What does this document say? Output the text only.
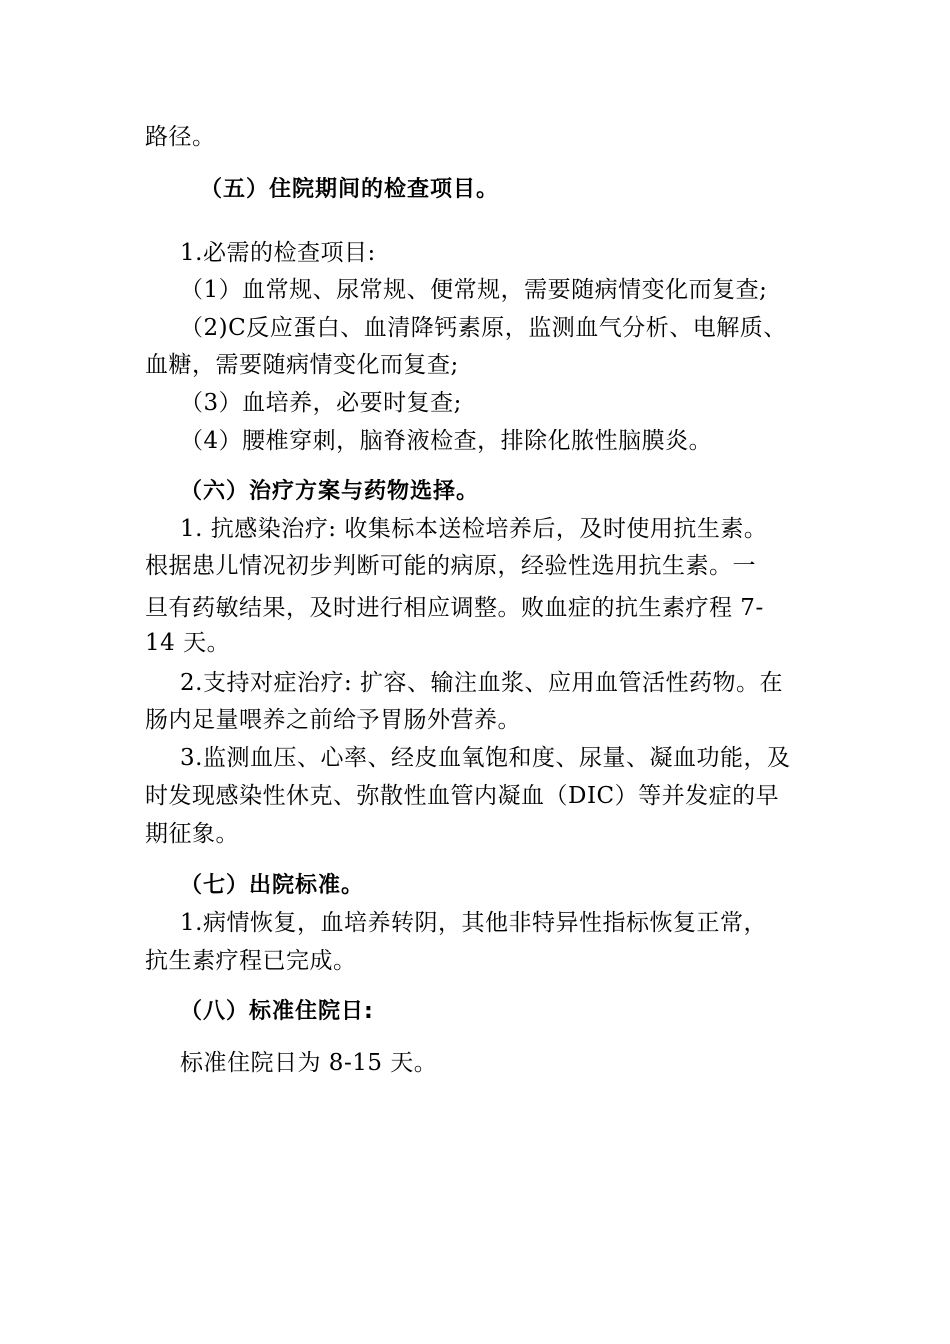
路径。
（五）住院期间的检查项目。
1.必需的检查项目:
（1）血常规、尿常规、便常规，需要随病情变化而复查;
（2)C反应蛋白、血清降钙素原，监测血气分析、电解质、
血糖，需要随病情变化而复查;
（3）血培养，必要时复查;
（4）腰椎穿刺，脑脊液检查，排除化脓性脑膜炎。
（六）治疗方案与药物选择。
1. 抗感染治疗: 收集标本送检培养后，及时使用抗生素。
根据患儿情况初步判断可能的病原，经验性选用抗生素。一
旦有药敏结果，及时进行相应调整。败血症的抗生素疗程 7-
14 天。
2.支持对症治疗: 扩容、输注血浆、应用血管活性药物。在
肠内足量喂养之前给予胃肠外营养。
3.监测血压、心率、经皮血氧饱和度、尿量、凝血功能，及
时发现感染性休克、弥散性血管内凝血（DIC）等并发症的早
期征象。
（七）出院标准。
1.病情恢复，血培养转阴，其他非特异性指标恢复正常，
抗生素疗程已完成。
（八）标准住院日:
标准住院日为 8-15 天。
